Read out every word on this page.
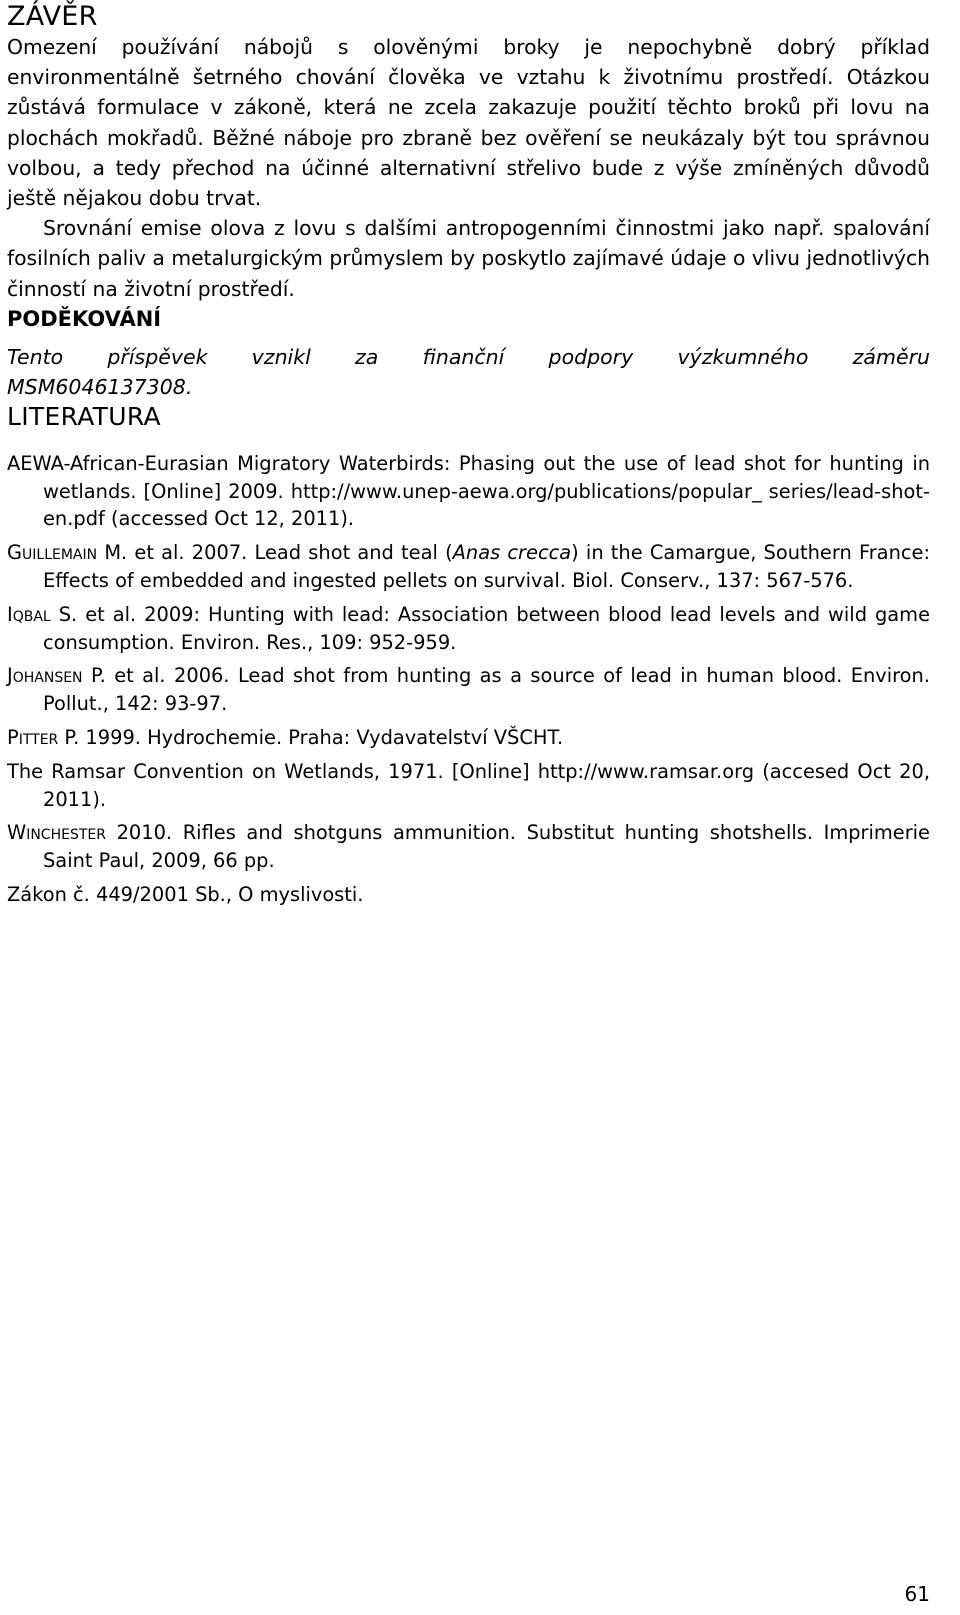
ZÁVĚR

Omezení používání nábojů s olověnými broky je nepochybně dobrý příklad environmentálně šetrného chování člověka ve vztahu k životnímu prostředí. Otázkou zůstává formulace v zákoně, která ne zcela zakazuje použití těchto broků při lovu na plochách mokřadů. Běžné náboje pro zbraně bez ověření se neukázaly být tou správnou volbou, a tedy přechod na účinné alternativní střelivo bude z výše zmíněných důvodů ještě nějakou dobu trvat.

Srovnání emise olova z lovu s dalšími antropogenními činnostmi jako např. spalování fosilních paliv a metalurgickým průmyslem by poskytlo zajímavé údaje o vlivu jednotlivých činností na životní prostředí.

PODĚKOVÁNÍ
Tento příspěvek vznikl za finanční podpory výzkumného záměru
MSM6046137308.
LITERATURA
AEWA-African-Eurasian Migratory Waterbirds: Phasing out the use of lead shot for hunting in wetlands. [Online] 2009. http://www.unep-aewa.org/publications/popular_ series/lead-shot-en.pdf (accessed Oct 12, 2011).
Guillemain M. et al. 2007. Lead shot and teal (Anas crecca) in the Camargue, Southern France: Effects of embedded and ingested pellets on survival. Biol. Conserv., 137: 567-576.
Iqbal S. et al. 2009: Hunting with lead: Association between blood lead levels and wild game consumption. Environ. Res., 109: 952-959.
Johansen P. et al. 2006. Lead shot from hunting as a source of lead in human blood. Environ. Pollut., 142: 93-97.
Pitter P. 1999. Hydrochemie. Praha: Vydavatelství VŠCHT.
The Ramsar Convention on Wetlands, 1971. [Online] http://www.ramsar.org (accesed Oct 20, 2011).
Winchester 2010. Rifles and shotguns ammunition. Substitut hunting shotshells. Imprimerie Saint Paul, 2009, 66 pp.
Zákon č. 449/2001 Sb., O myslivosti.
61
